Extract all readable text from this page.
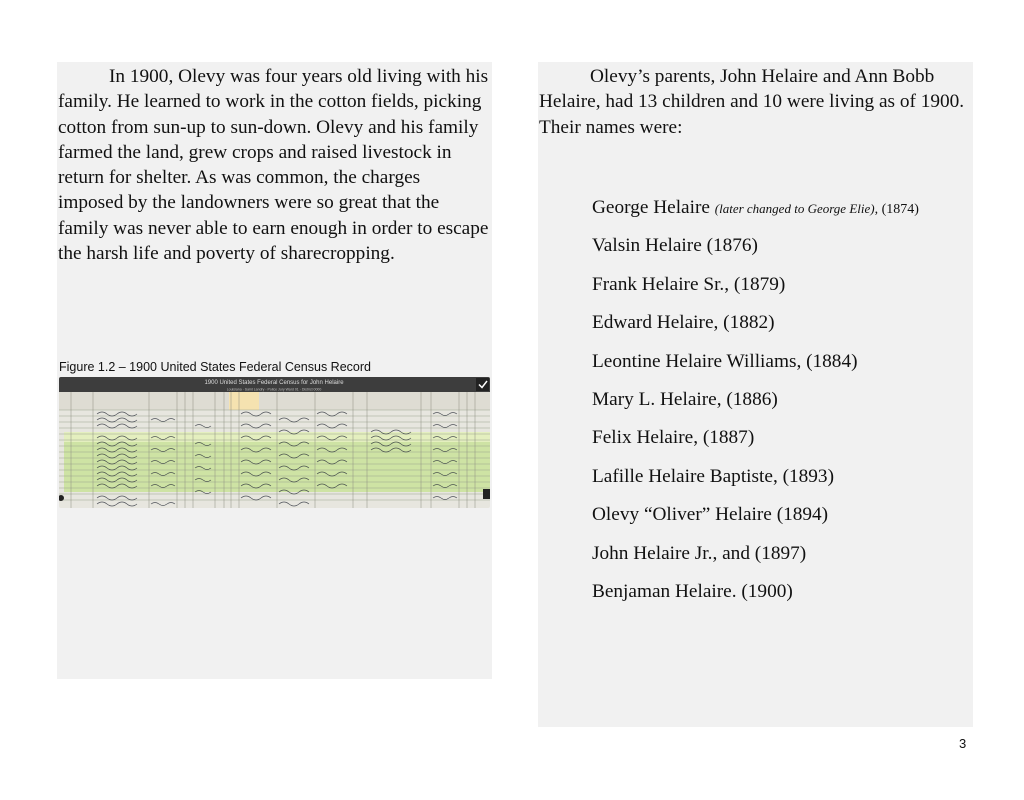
In 1900, Olevy was four years old living with his family. He learned to work in the cotton fields, picking cotton from sun-up to sun-down. Olevy and his family farmed the land, grew crops and raised livestock in return for shelter. As was common, the charges imposed by the landowners were so great that the family was never able to earn enough in order to escape the harsh life and poverty of sharecropping.

Figure 1.2 – 1900 United States Federal Census Record
1900 United States Federal Census for John Helaire
Louisiana · Saint Landry · Police Jury Ward 01 · District 0000

Olevy’s parents, John Helaire and Ann Bobb Helaire, had 13 children and 10 were living as of 1900. Their names were:

George Helaire (later changed to George Elie), (1874)
Valsin Helaire (1876)
Frank Helaire Sr., (1879)
Edward Helaire, (1882)
Leontine Helaire Williams, (1884)
Mary L. Helaire, (1886)
Felix Helaire, (1887)
Lafille Helaire Baptiste, (1893)
Olevy “Oliver” Helaire (1894)
John Helaire Jr., and (1897)
Benjaman Helaire. (1900)
3
